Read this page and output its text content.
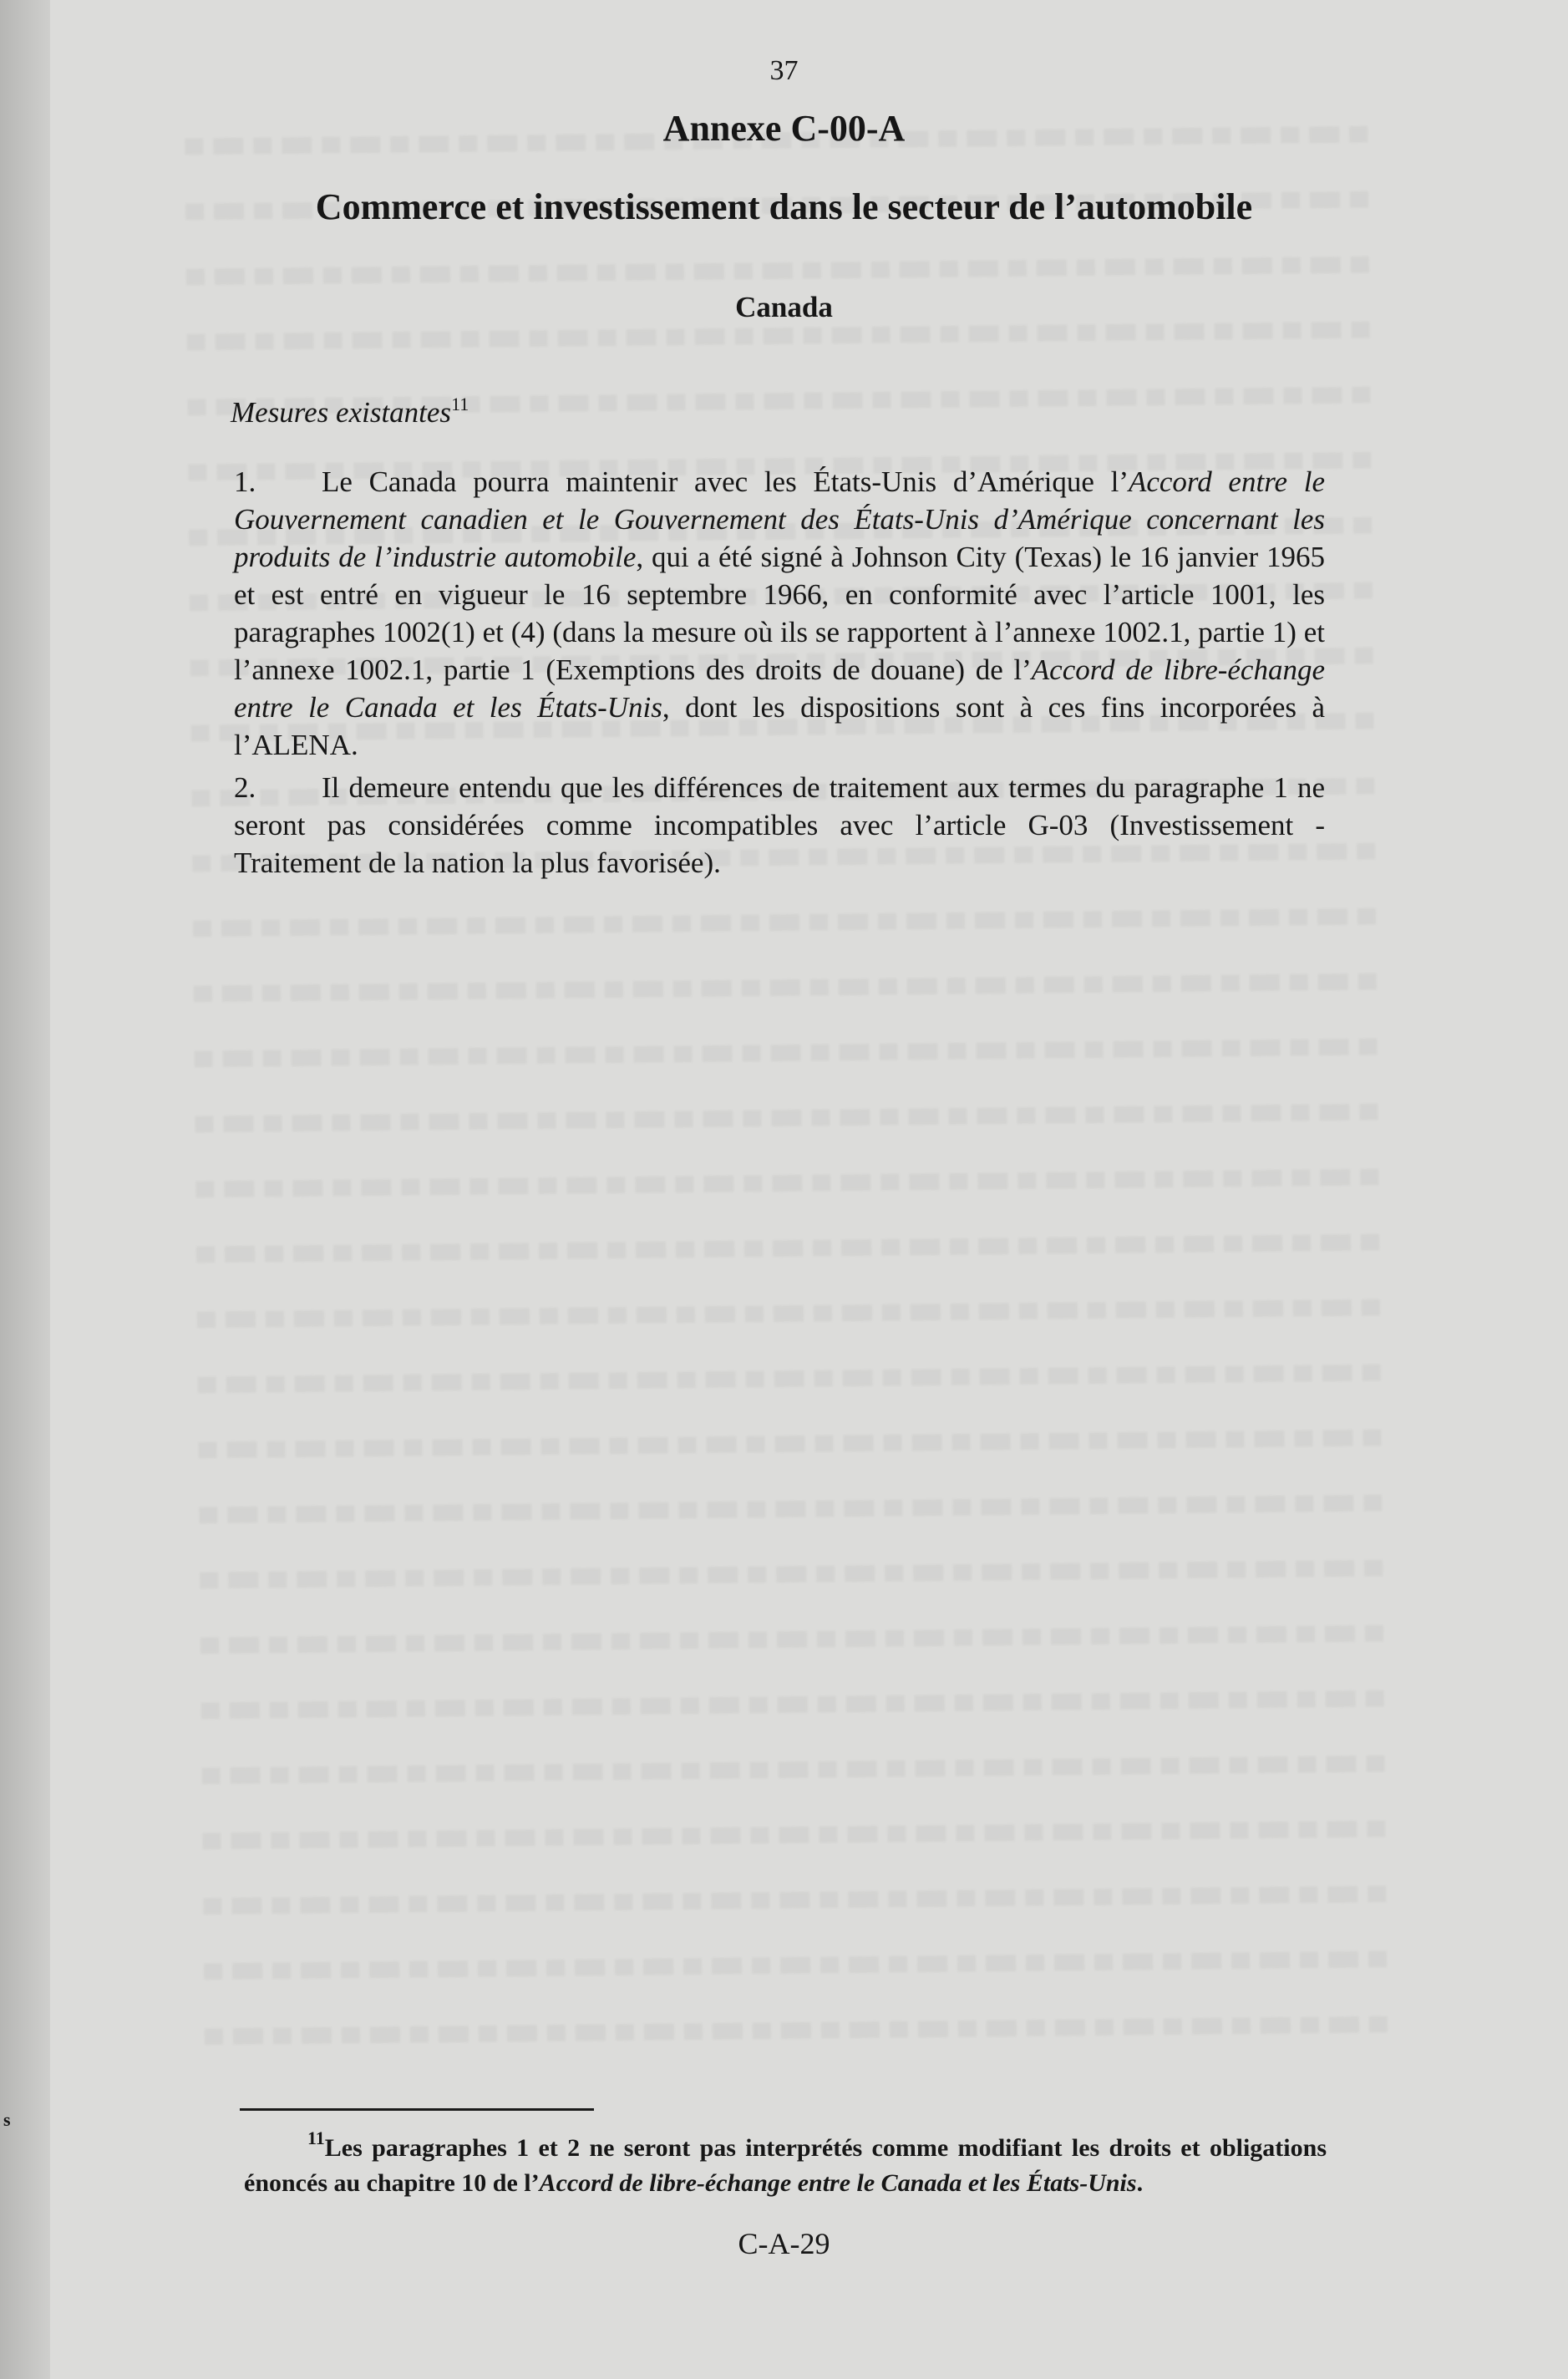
37
Annexe C-00-A
Commerce et investissement dans le secteur de l’automobile
Canada
Mesures existantes$^{11}$
1. Le Canada pourra maintenir avec les États-Unis d’Amérique l’Accord entre le Gouvernement canadien et le Gouvernement des États-Unis d’Amérique concernant les produits de l’industrie automobile, qui a été signé à Johnson City (Texas) le 16 janvier 1965 et est entré en vigueur le 16 septembre 1966, en conformité avec l’article 1001, les paragraphes 1002(1) et (4) (dans la mesure où ils se rapportent à l’annexe 1002.1, partie 1) et l’annexe 1002.1, partie 1 (Exemptions des droits de douane) de l’Accord de libre-échange entre le Canada et les États-Unis, dont les dispositions sont à ces fins incorporées à l’ALENA.
2. Il demeure entendu que les différences de traitement aux termes du paragraphe 1 ne seront pas considérées comme incompatibles avec l’article G-03 (Investissement - Traitement de la nation la plus favorisée).
$^{11}$Les paragraphes 1 et 2 ne seront pas interprétés comme modifiant les droits et obligations énoncés au chapitre 10 de l’Accord de libre-échange entre le Canada et les États-Unis.
C-A-29
s
